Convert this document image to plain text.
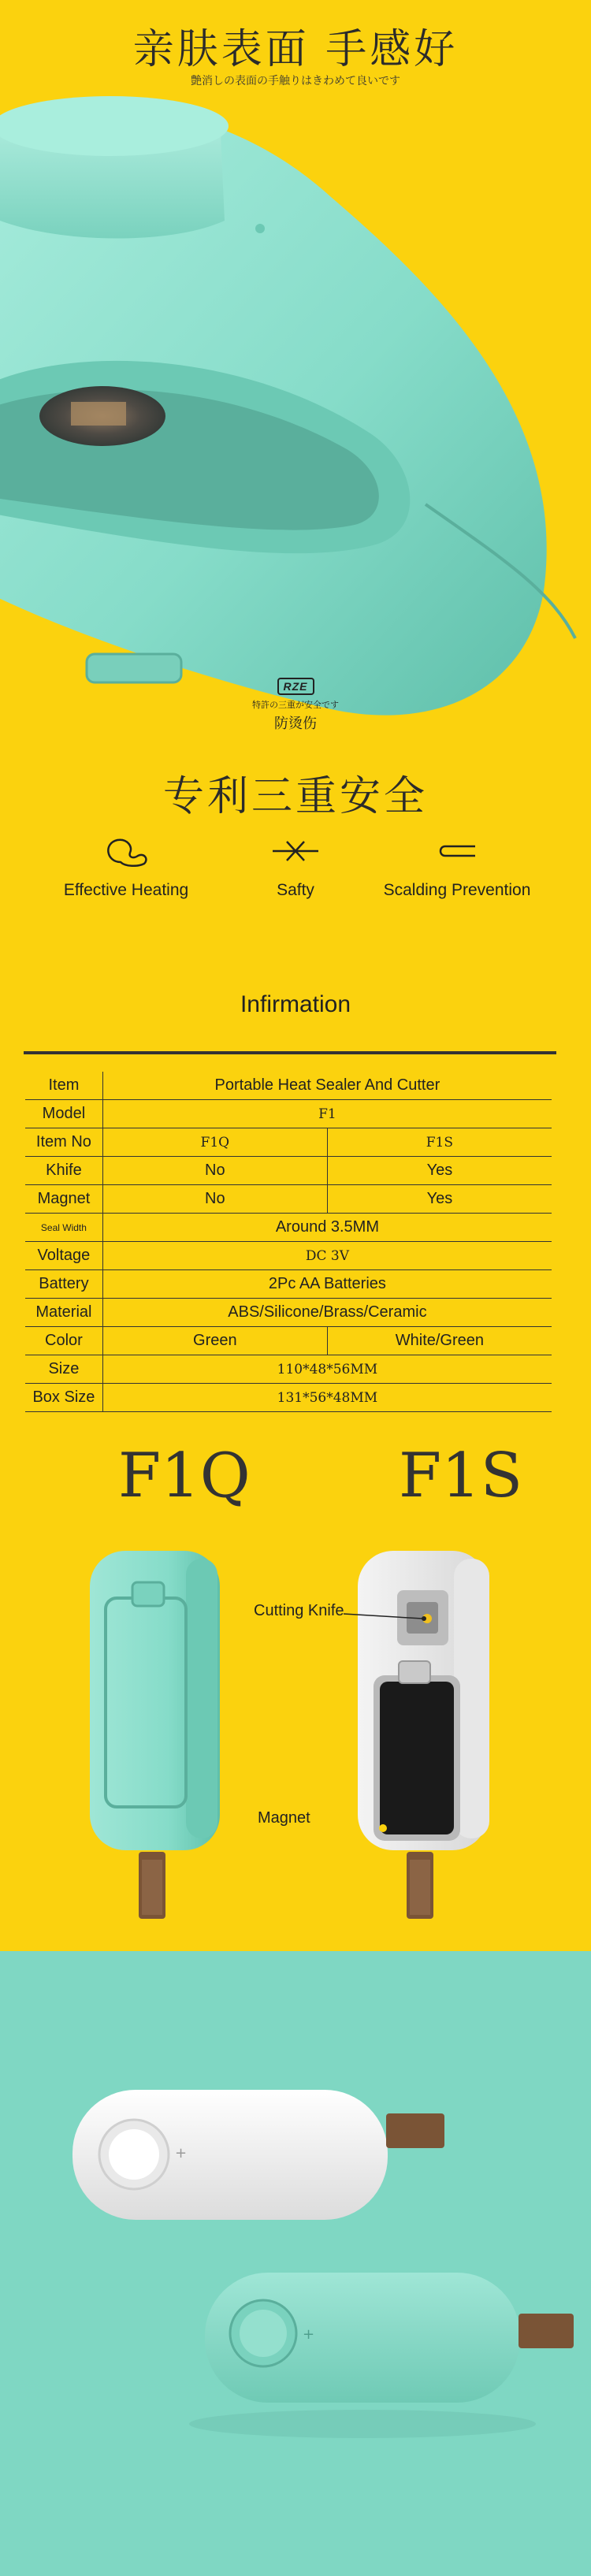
亲肤表面 手感好
艶消しの表面の手触りはきわめて良いです
RZE
特許の三重が安全です
防烫伤
专利三重安全
Effective Heating	Safty	Scalding Prevention
Infirmation
Item	Portable Heat Sealer And Cutter	
Model	F1	
Item No	F1Q	F1S
Khife	No	Yes
Magnet	No	Yes
Seal Width	Around 3.5MM	
Voltage	DC 3V	
Battery	2Pc AA Batteries	
Material	ABS/Silicone/Brass/Ceramic	
Color	Green	White/Green
Size	110*48*56MM	
Box Size	131*56*48MM	
F1Q F1S
Cutting Knife
Magnet
+
+
